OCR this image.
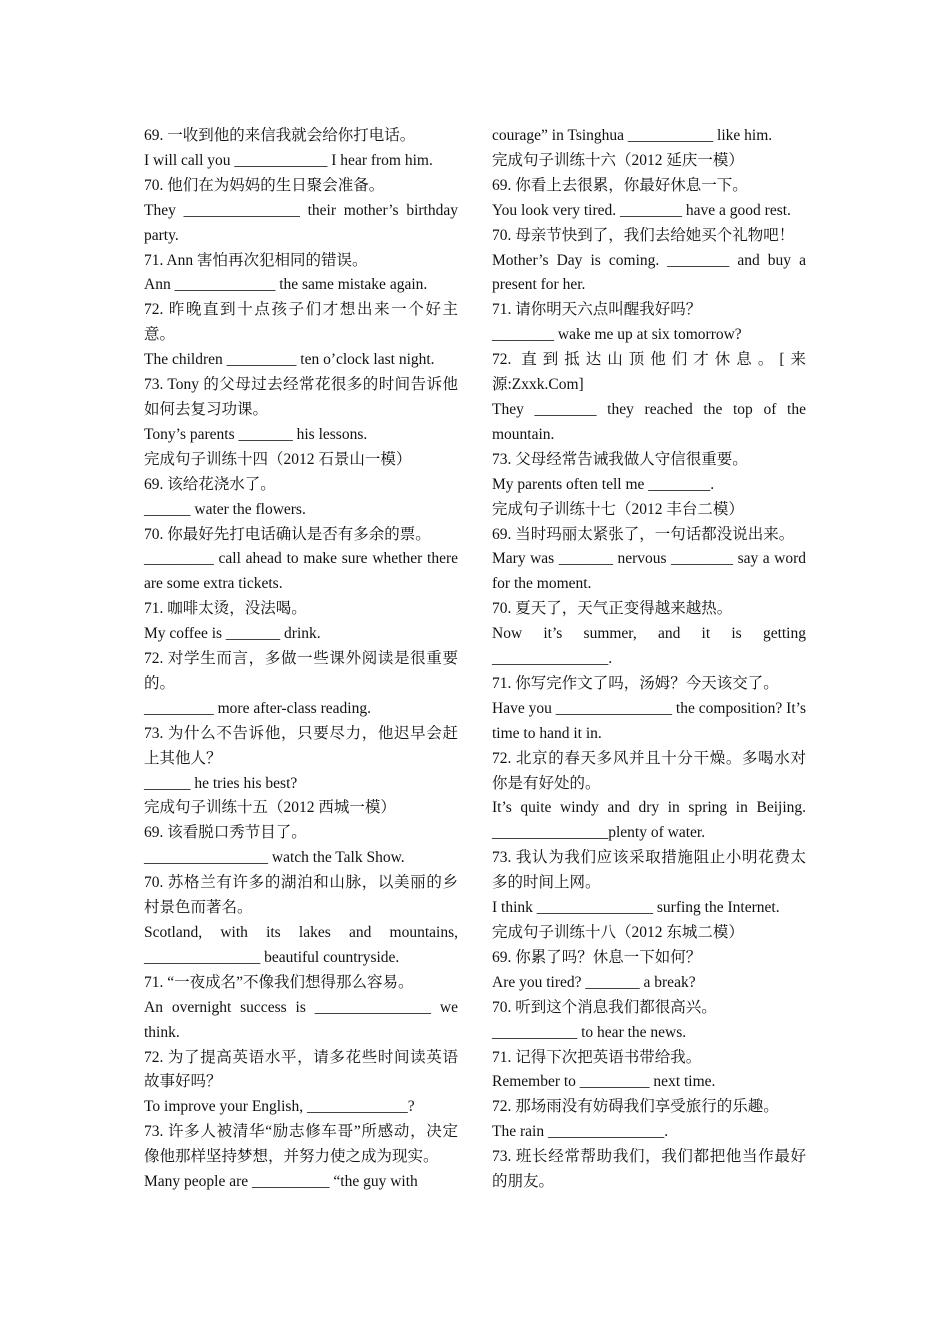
69. 一收到他的来信我就会给你打电话。

I will call you ____________ I hear from him.

70. 他们在为妈妈的生日聚会准备。

They _______________ their mother’s birthday party.

71. Ann 害怕再次犯相同的错误。

Ann _____________ the same mistake again.

72. 昨晚直到十点孩子们才想出来一个好主意。

The children _________ ten o’clock last night.

73. Tony 的父母过去经常花很多的时间告诉他如何去复习功课。

Tony’s parents _______ his lessons.

完成句子训练十四（2012 石景山一模）

69. 该给花浇水了。

______ water the flowers.

70. 你最好先打电话确认是否有多余的票。

_________ call ahead to make sure whether there are some extra tickets.

71. 咖啡太烫，没法喝。

My coffee is _______ drink.

72. 对学生而言，多做一些课外阅读是很重要的。

_________ more after-class reading.

73. 为什么不告诉他，只要尽力，他迟早会赶上其他人？

______ he tries his best?

完成句子训练十五（2012 西城一模）

69. 该看脱口秀节目了。

________________ watch the Talk Show.

70. 苏格兰有许多的湖泊和山脉，以美丽的乡村景色而著名。

Scotland, with its lakes and mountains, _______________ beautiful countryside.

71. “一夜成名”不像我们想得那么容易。

An overnight success is _______________ we think.

72. 为了提高英语水平，请多花些时间读英语故事好吗？

To improve your English, _____________?

73. 许多人被清华“励志修车哥”所感动，决定像他那样坚持梦想，并努力使之成为现实。

Many people are __________ “the guy with

courage” in Tsinghua ___________ like him.

完成句子训练十六（2012 延庆一模）

69. 你看上去很累，你最好休息一下。

You look very tired. ________ have a good rest.

70. 母亲节快到了，我们去给她买个礼物吧！

Mother’s Day is coming. ________ and buy a present for her.

71. 请你明天六点叫醒我好吗？

________ wake me up at six tomorrow?

72. 直到抵达山顶他们才休息。[来源:Zxxk.Com]

They ________ they reached the top of the mountain.

73. 父母经常告诫我做人守信很重要。

My parents often tell me ________.

完成句子训练十七（2012 丰台二模）

69. 当时玛丽太紧张了，一句话都没说出来。

Mary was _______ nervous ________ say a word for the moment.

70. 夏天了，天气正变得越来越热。

Now it’s summer, and it is getting _______________.

71. 你写完作文了吗，汤姆？今天该交了。

Have you _______________ the composition? It’s time to hand it in.

72. 北京的春天多风并且十分干燥。多喝水对你是有好处的。

It’s quite windy and dry in spring in Beijing. _______________plenty of water.

73. 我认为我们应该采取措施阻止小明花费太多的时间上网。

I think _______________ surfing the Internet.

完成句子训练十八（2012 东城二模）

69. 你累了吗？休息一下如何？

Are you tired? _______ a break?

70. 听到这个消息我们都很高兴。

___________ to hear the news.

71. 记得下次把英语书带给我。

Remember to _________ next time.

72. 那场雨没有妨碍我们享受旅行的乐趣。

The rain _______________.

73. 班长经常帮助我们，我们都把他当作最好的朋友。
